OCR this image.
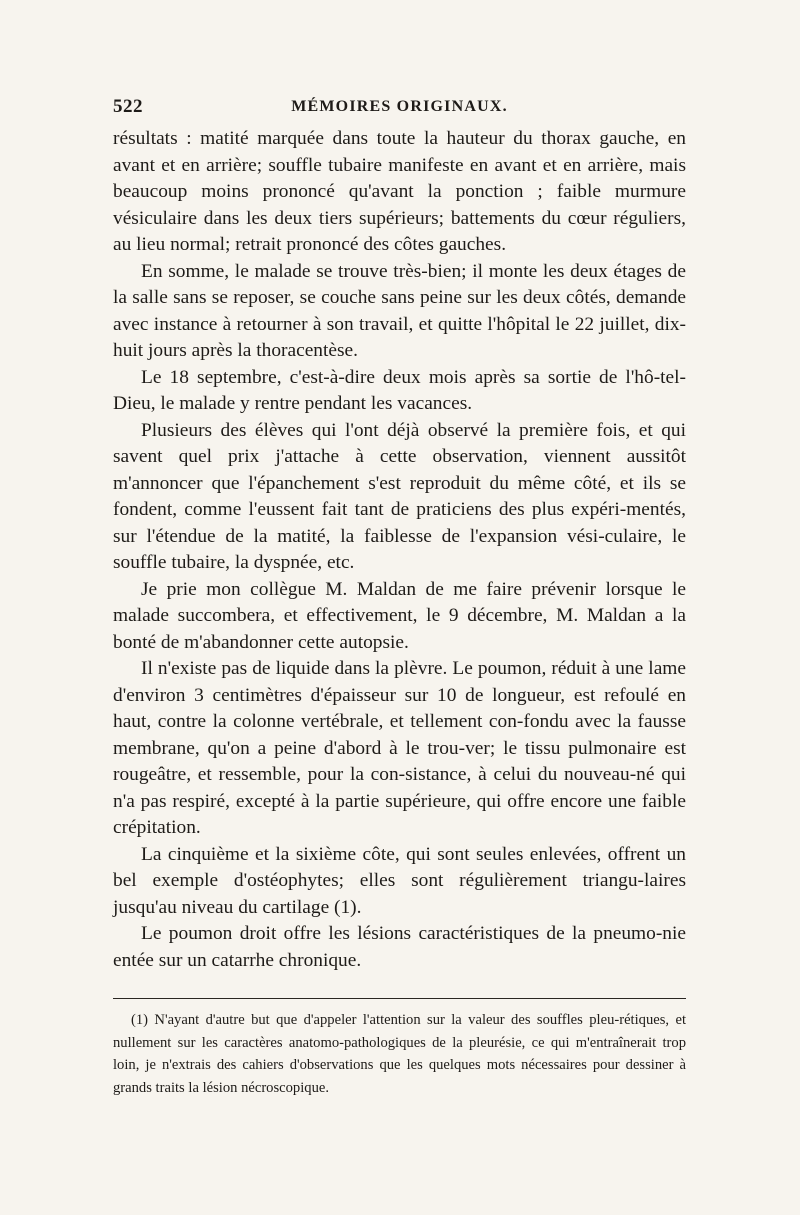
522	MÉMOIRES ORIGINAUX.

résultats : matité marquée dans toute la hauteur du thorax gauche, en avant et en arrière; souffle tubaire manifeste en avant et en arrière, mais beaucoup moins prononcé qu'avant la ponction ; faible murmure vésiculaire dans les deux tiers supérieurs; battements du cœur réguliers, au lieu normal; retrait prononcé des côtes gauches.

En somme, le malade se trouve très-bien; il monte les deux étages de la salle sans se reposer, se couche sans peine sur les deux côtés, demande avec instance à retourner à son travail, et quitte l'hôpital le 22 juillet, dix-huit jours après la thoracentèse.

Le 18 septembre, c'est-à-dire deux mois après sa sortie de l'hô-tel-Dieu, le malade y rentre pendant les vacances.

Plusieurs des élèves qui l'ont déjà observé la première fois, et qui savent quel prix j'attache à cette observation, viennent aussitôt m'annoncer que l'épanchement s'est reproduit du même côté, et ils se fondent, comme l'eussent fait tant de praticiens des plus expéri-mentés, sur l'étendue de la matité, la faiblesse de l'expansion vési-culaire, le souffle tubaire, la dyspnée, etc.

Je prie mon collègue M. Maldan de me faire prévenir lorsque le malade succombera, et effectivement, le 9 décembre, M. Maldan a la bonté de m'abandonner cette autopsie.

Il n'existe pas de liquide dans la plèvre. Le poumon, réduit à une lame d'environ 3 centimètres d'épaisseur sur 10 de longueur, est refoulé en haut, contre la colonne vertébrale, et tellement con-fondu avec la fausse membrane, qu'on a peine d'abord à le trou-ver; le tissu pulmonaire est rougeâtre, et ressemble, pour la con-sistance, à celui du nouveau-né qui n'a pas respiré, excepté à la partie supérieure, qui offre encore une faible crépitation.

La cinquième et la sixième côte, qui sont seules enlevées, offrent un bel exemple d'ostéophytes; elles sont régulièrement triangu-laires jusqu'au niveau du cartilage (1).

Le poumon droit offre les lésions caractéristiques de la pneumo-nie entée sur un catarrhe chronique.

(1) N'ayant d'autre but que d'appeler l'attention sur la valeur des souffles pleu-rétiques, et nullement sur les caractères anatomo-pathologiques de la pleurésie, ce qui m'entraînerait trop loin, je n'extrais des cahiers d'observations que les quelques mots nécessaires pour dessiner à grands traits la lésion nécroscopique.
